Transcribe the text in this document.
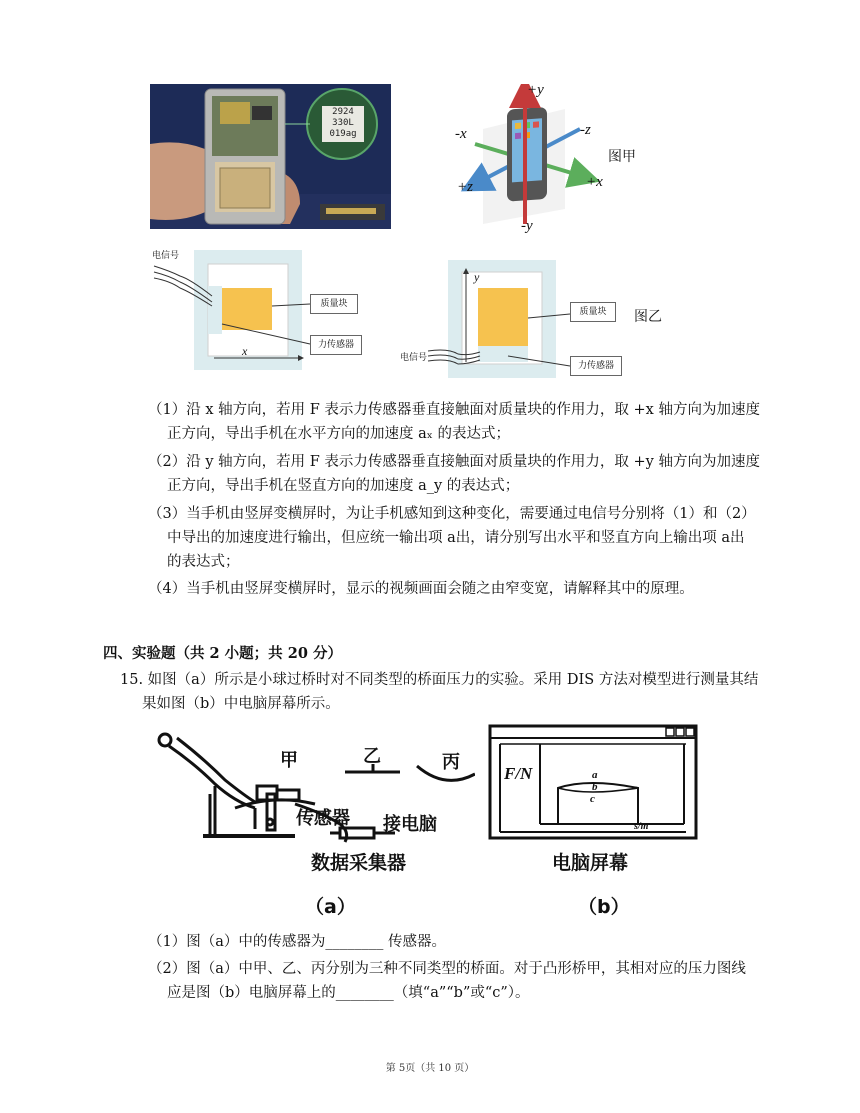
2924
330L
019ag
+y
-y
+x
-x
+z
-z
图甲
电信号
质量块
力传感器
x	电信号
质量块
力传感器
y
图乙
（1）沿 x 轴方向，若用 F 表示力传感器垂直接触面对质量块的作用力，取 +x 轴方向为加速度
正方向，导出手机在水平方向的加速度 aₓ 的表达式；
（2）沿 y 轴方向，若用 F 表示力传感器垂直接触面对质量块的作用力，取 +y 轴方向为加速度
正方向，导出手机在竖直方向的加速度 a_y 的表达式；
（3）当手机由竖屏变横屏时，为让手机感知到这种变化，需要通过电信号分别将（1）和（2）
中导出的加速度进行输出，但应统一输出项 a出，请分别写出水平和竖直方向上输出项 a出
的表达式；
（4）当手机由竖屏变横屏时，显示的视频画面会随之由窄变宽，请解释其中的原理。
四、实验题（共 2 小题；共 20 分）
15. 如图（a）所示是小球过桥时对不同类型的桥面压力的实验。采用 DIS 方法对模型进行测量其结
果如图（b）中电脑屏幕所示。
甲	乙	丙
传感器 接电脑
数据采集器
（a）
F/N
s/m
a
b
c
电脑屏幕
（b）
（1）图（a）中的传感器为________ 传感器。
（2）图（a）中甲、乙、丙分别为三种不同类型的桥面。对于凸形桥甲，其相对应的压力图线
应是图（b）电脑屏幕上的________（填“a”“b”或“c”）。
第 5页（共 10 页）
